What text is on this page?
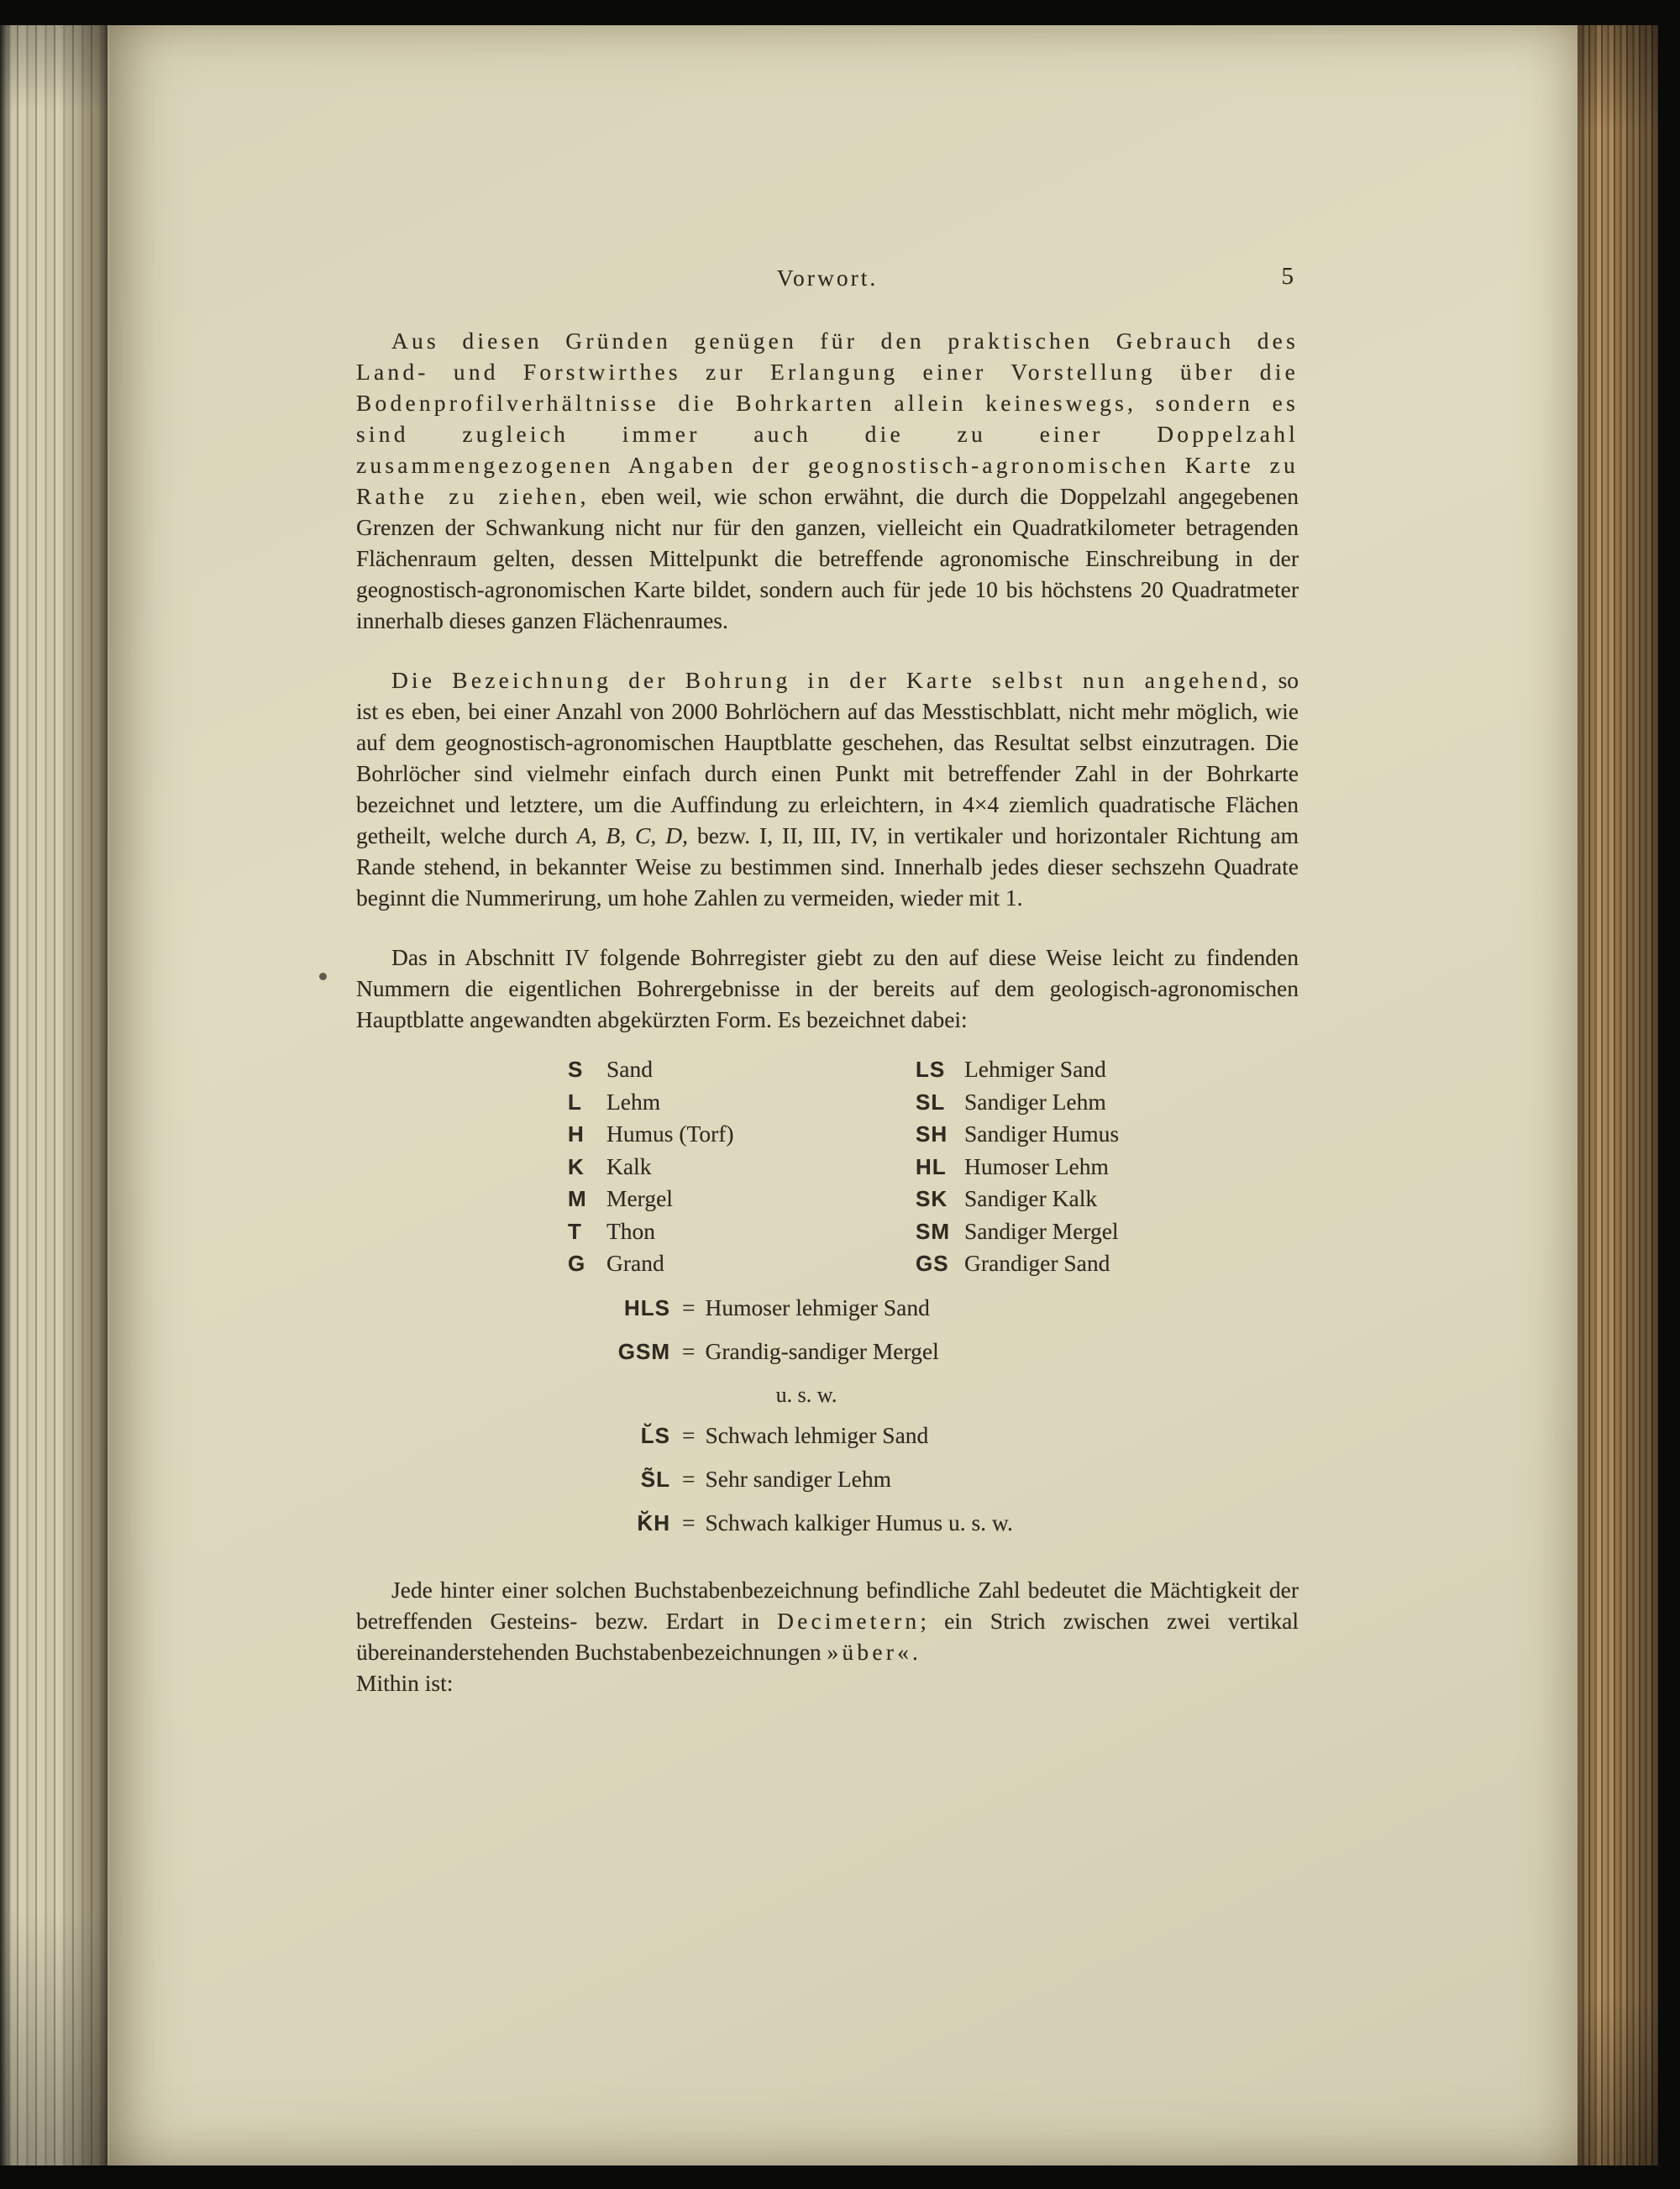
Vorwort.	5

Aus diesen Gründen genügen für den praktischen Gebrauch des Land- und Forstwirthes zur Erlangung einer Vorstellung über die Bodenprofilverhältnisse die Bohrkarten allein keineswegs, sondern es sind zugleich immer auch die zu einer Doppelzahl zusammengezogenen Angaben der geognostisch-agronomischen Karte zu Rathe zu ziehen, eben weil, wie schon erwähnt, die durch die Doppelzahl angegebenen Grenzen der Schwankung nicht nur für den ganzen, vielleicht ein Quadratkilometer betragenden Flächenraum gelten, dessen Mittelpunkt die betreffende agronomische Einschreibung in der geognostisch-agronomischen Karte bildet, sondern auch für jede 10 bis höchstens 20 Quadratmeter innerhalb dieses ganzen Flächenraumes.

Die Bezeichnung der Bohrung in der Karte selbst nun angehend, so ist es eben, bei einer Anzahl von 2000 Bohrlöchern auf das Messtischblatt, nicht mehr möglich, wie auf dem geognostisch-agronomischen Hauptblatte geschehen, das Resultat selbst einzutragen. Die Bohrlöcher sind vielmehr einfach durch einen Punkt mit betreffender Zahl in der Bohrkarte bezeichnet und letztere, um die Auffindung zu erleichtern, in 4×4 ziemlich quadratische Flächen getheilt, welche durch A, B, C, D, bezw. I, II, III, IV, in vertikaler und horizontaler Richtung am Rande stehend, in bekannter Weise zu bestimmen sind. Innerhalb jedes dieser sechszehn Quadrate beginnt die Nummerirung, um hohe Zahlen zu vermeiden, wieder mit 1.

Das in Abschnitt IV folgende Bohrregister giebt zu den auf diese Weise leicht zu findenden Nummern die eigentlichen Bohrergebnisse in der bereits auf dem geologisch-agronomischen Hauptblatte angewandten abgekürzten Form. Es bezeichnet dabei:

S Sand	LS Lehmiger Sand
L Lehm	SL Sandiger Lehm
H Humus (Torf)	SH Sandiger Humus
K Kalk	HL Humoser Lehm
M Mergel	SK Sandiger Kalk
T Thon	SM Sandiger Mergel
G Grand	GS Grandiger Sand
HLS = Humoser lehmiger Sand
GSM = Grandig-sandiger Mergel
u. s. w.
L̆S = Schwach lehmiger Sand
S̃L = Sehr sandiger Lehm
K̆H = Schwach kalkiger Humus u. s. w.

Jede hinter einer solchen Buchstabenbezeichnung befindliche Zahl bedeutet die Mächtigkeit der betreffenden Gesteins- bezw. Erdart in Decimetern; ein Strich zwischen zwei vertikal übereinanderstehenden Buchstabenbezeichnungen »über«.

Mithin ist:
